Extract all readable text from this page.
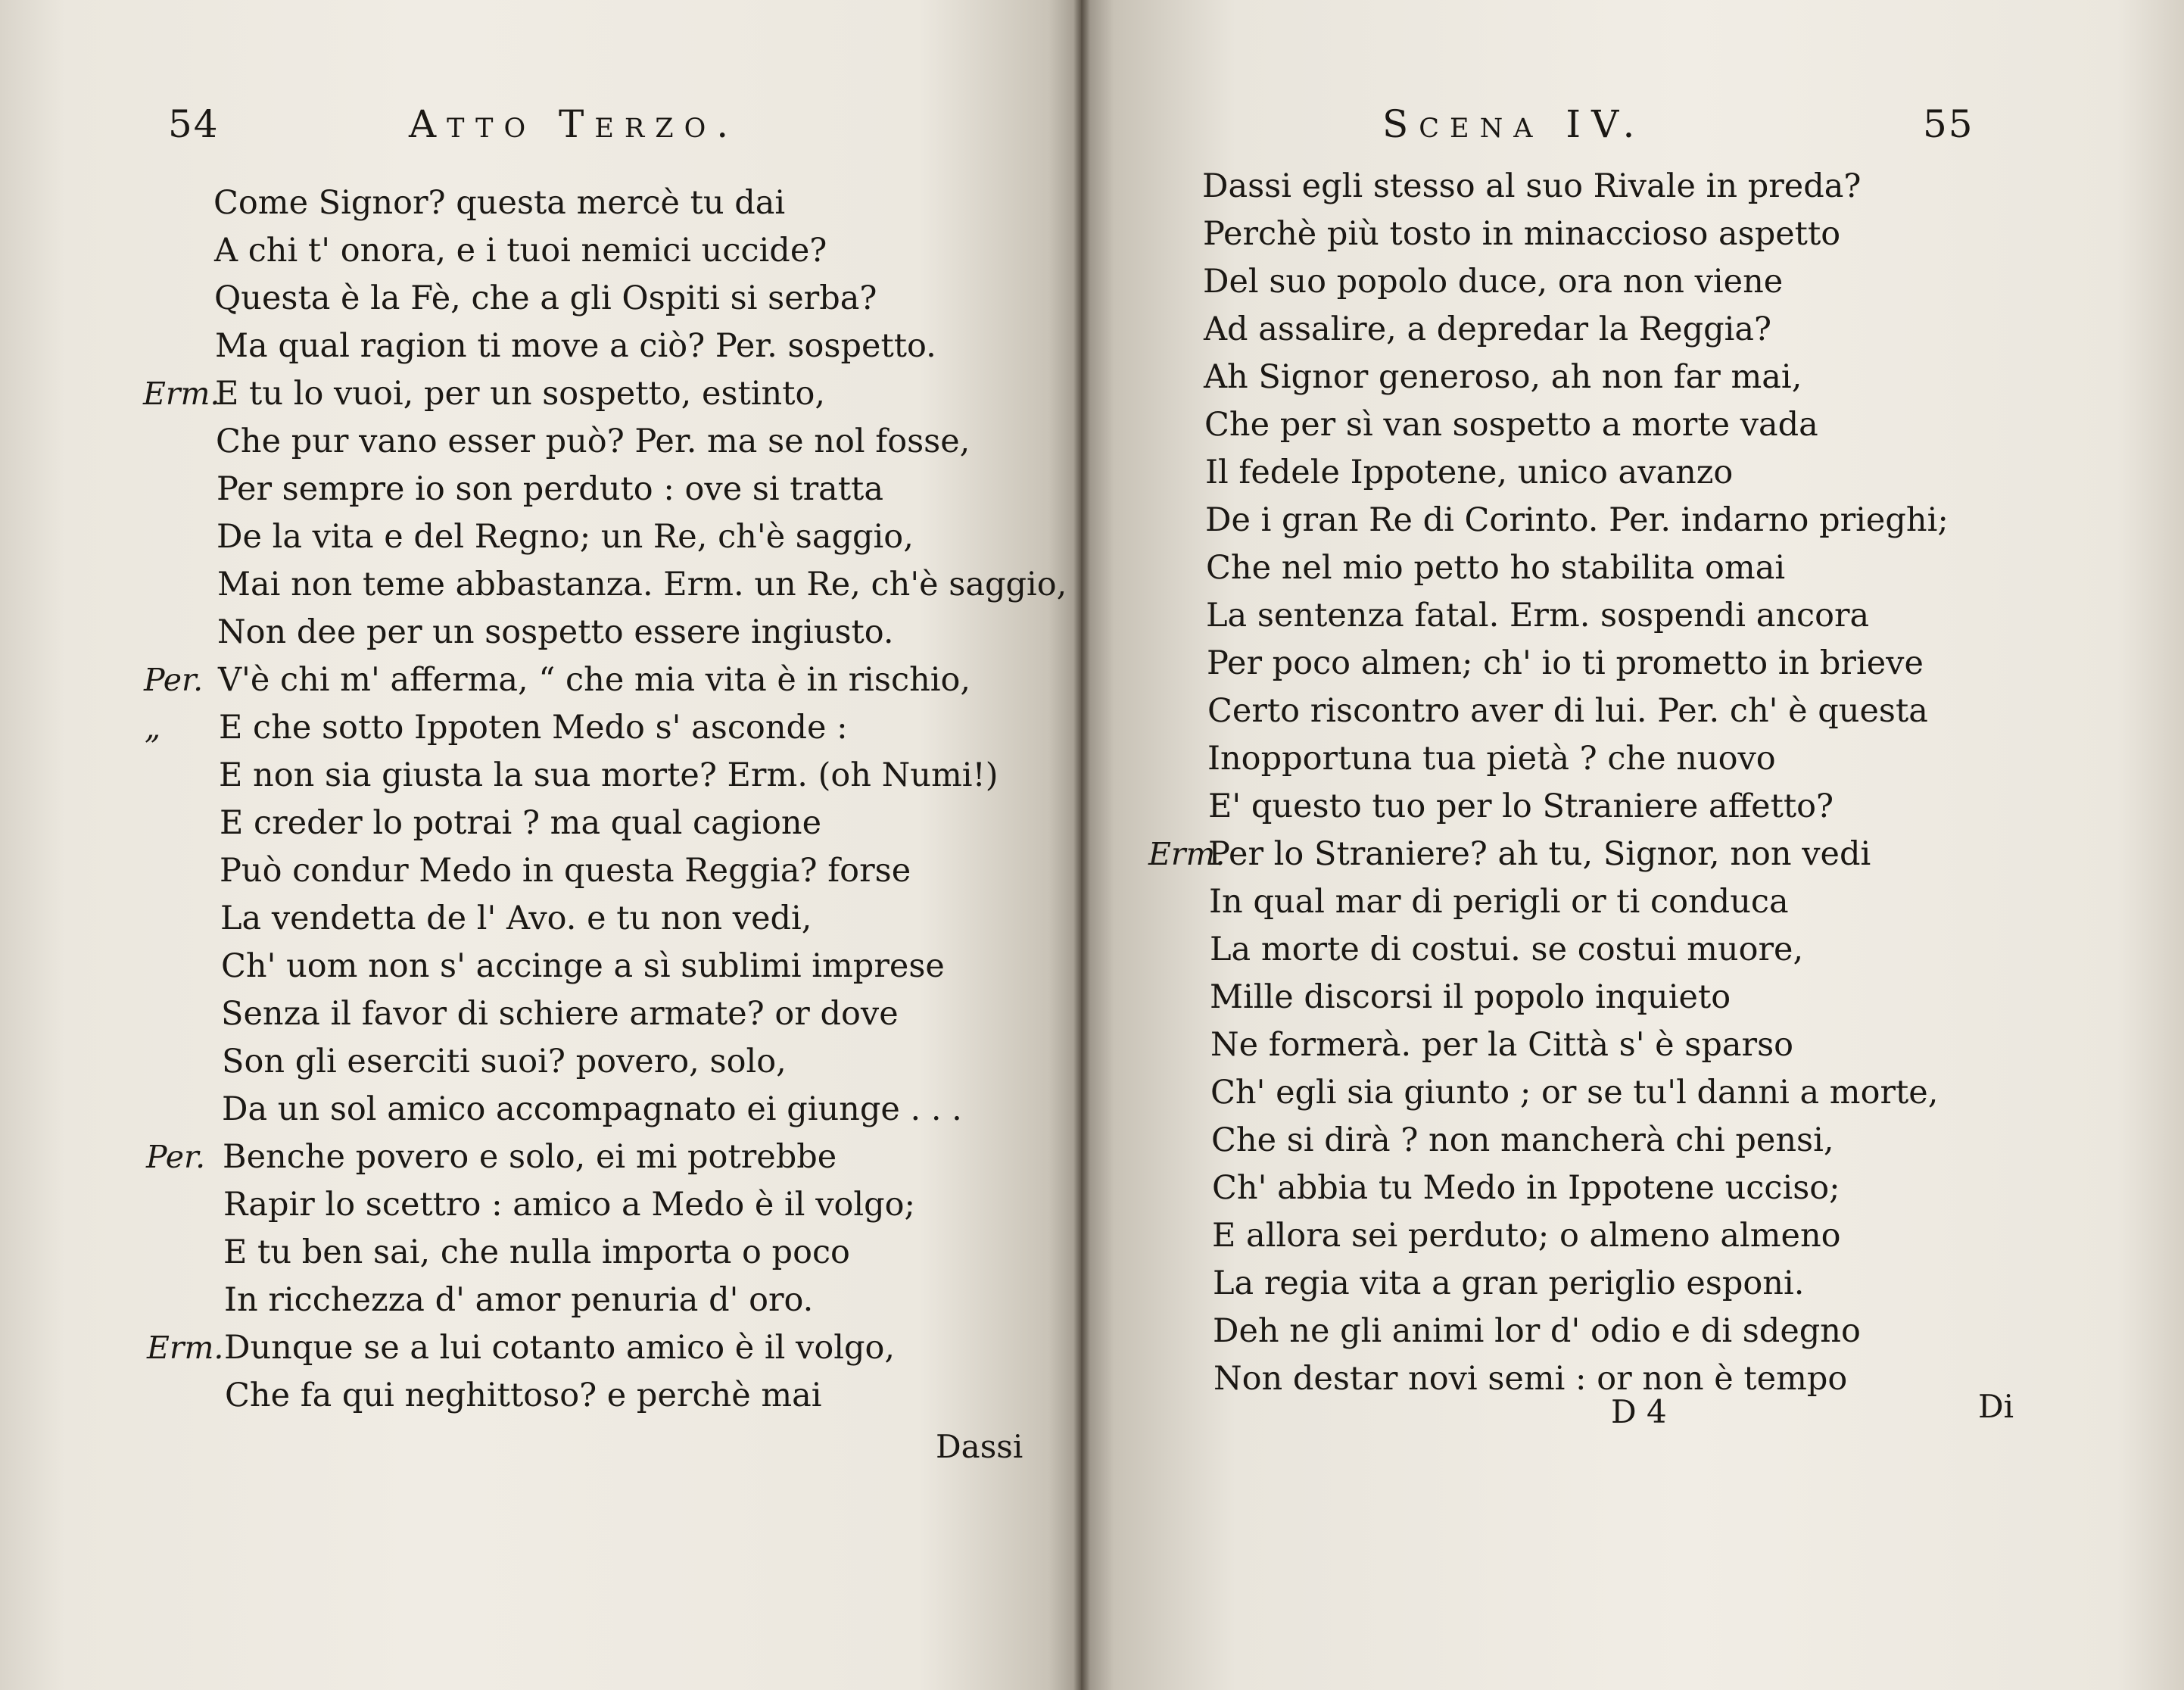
54	Atto Terzo.
Come Signor? questa mercè tu dai
A chi t' onora, e i tuoi nemici uccide?
Questa è la Fè, che a gli Ospiti si serba?
Ma qual ragion ti move a ciò? Per. sospetto.
Erm.
E tu lo vuoi, per un sospetto, estinto,
Che pur vano esser può? Per. ma se nol fosse,
Per sempre io son perduto : ove si tratta
De la vita e del Regno; un Re, ch'è saggio,
Mai non teme abbastanza. Erm. un Re, ch'è saggio,
Non dee per un sospetto essere ingiusto.
Per. V'è chi m' afferma, “ che mia vita è in rischio,
„ E che sotto Ippoten Medo s' asconde :
E non sia giusta la sua morte? Erm. (oh Numi!)
E creder lo potrai ? ma qual cagione
Può condur Medo in questa Reggia? forse
La vendetta de l' Avo. e tu non vedi,
Ch' uom non s' accinge a sì sublimi imprese
Senza il favor di schiere armate? or dove
Son gli eserciti suoi? povero, solo,
Da un sol amico accompagnato ei giunge . . .
Per. Benche povero e solo, ei mi potrebbe
Rapir lo scettro : amico a Medo è il volgo;
E tu ben sai, che nulla importa o poco
In ricchezza d' amor penuria d' oro.
Erm. Dunque se a lui cotanto amico è il volgo,
Che fa qui neghittoso? e perchè mai
Dassi
Scena IV.	55
Dassi egli stesso al suo Rivale in preda?
Perchè più tosto in minaccioso aspetto
Del suo popolo duce, ora non viene
Ad assalire, a depredar la Reggia?
Ah Signor generoso, ah non far mai,
Che per sì van sospetto a morte vada
Il fedele Ippotene, unico avanzo
De i gran Re di Corinto. Per. indarno prieghi;
Che nel mio petto ho stabilita omai
La sentenza fatal. Erm. sospendi ancora
Per poco almen; ch' io ti prometto in brieve
Certo riscontro aver di lui. Per. ch' è questa
Inopportuna tua pietà ? che nuovo
E' questo tuo per lo Straniere affetto?
Erm.
Per lo Straniere? ah tu, Signor, non vedi
In qual mar di perigli or ti conduca
La morte di costui. se costui muore,
Mille discorsi il popolo inquieto
Ne formerà. per la Città s' è sparso
Ch' egli sia giunto ; or se tu'l danni a morte,
Che si dirà ? non mancherà chi pensi,
Ch' abbia tu Medo in Ippotene ucciso;
E allora sei perduto; o almeno almeno
La regia vita a gran periglio esponi.
Deh ne gli animi lor d' odio e di sdegno
Non destar novi semi : or non è tempo
D 4	Di
